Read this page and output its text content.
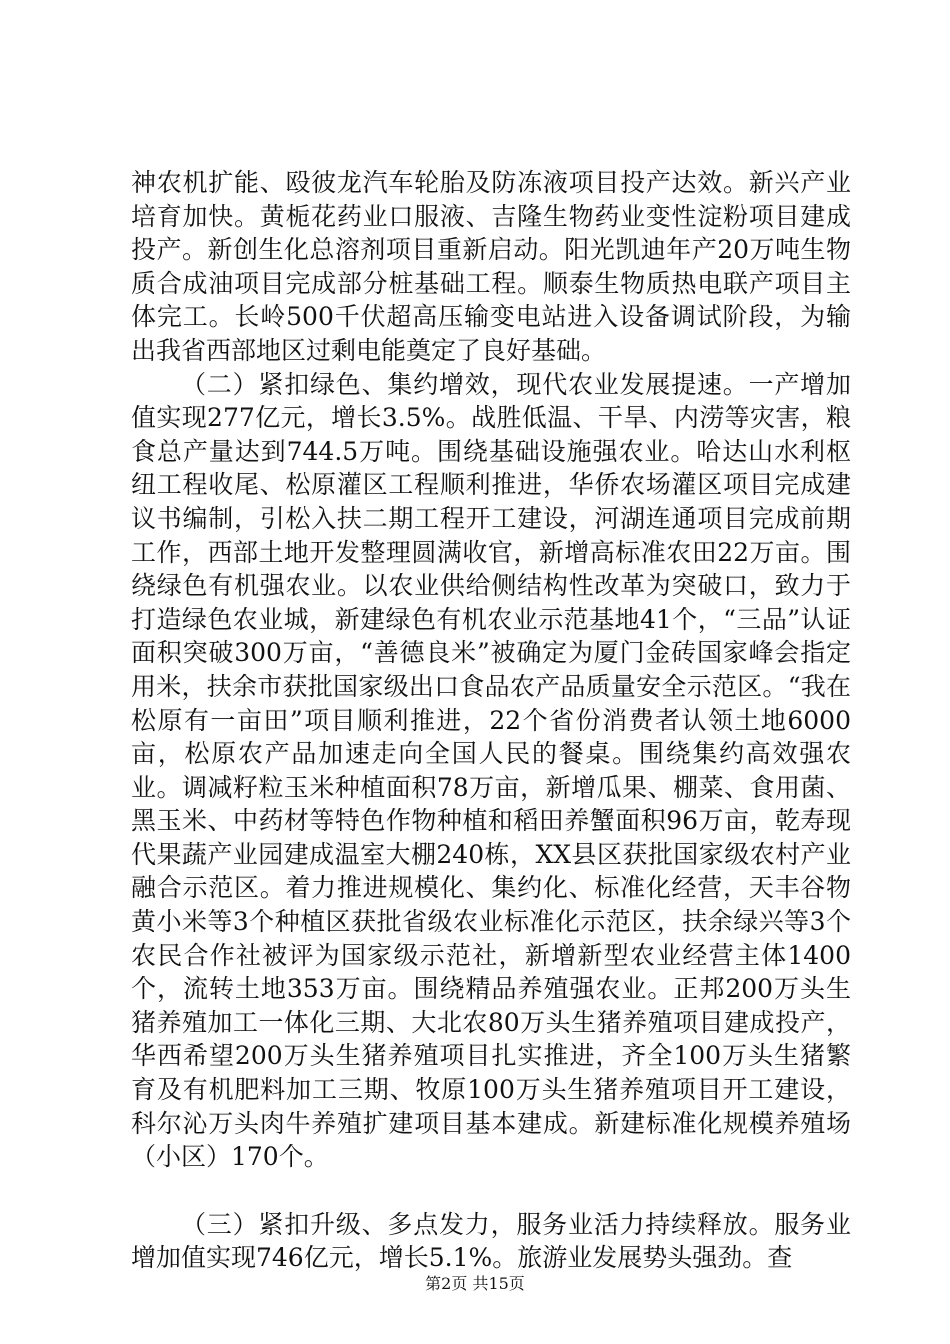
神农机扩能、殴彼龙汽车轮胎及防冻液项目投产达效。新兴产业培育加快。黄栀花药业口服液、吉隆生物药业变性淀粉项目建成投产。新创生化总溶剂项目重新启动。阳光凯迪年产20万吨生物质合成油项目完成部分桩基础工程。顺泰生物质热电联产项目主体完工。长岭500千伏超高压输变电站进入设备调试阶段，为输出我省西部地区过剩电能奠定了良好基础。

（二）紧扣绿色、集约增效，现代农业发展提速。一产增加值实现277亿元，增长3.5%。战胜低温、干旱、内涝等灾害，粮食总产量达到744.5万吨。围绕基础设施强农业。哈达山水利枢纽工程收尾、松原灌区工程顺利推进，华侨农场灌区项目完成建议书编制，引松入扶二期工程开工建设，河湖连通项目完成前期工作，西部土地开发整理圆满收官，新增高标准农田22万亩。围绕绿色有机强农业。以农业供给侧结构性改革为突破口，致力于打造绿色农业城，新建绿色有机农业示范基地41个，“三品”认证面积突破300万亩，“善德良米”被确定为厦门金砖国家峰会指定用米，扶余市获批国家级出口食品农产品质量安全示范区。“我在松原有一亩田”项目顺利推进，22个省份消费者认领土地6000亩，松原农产品加速走向全国人民的餐桌。围绕集约高效强农业。调减籽粒玉米种植面积78万亩，新增瓜果、棚菜、食用菌、黑玉米、中药材等特色作物种植和稻田养蟹面积96万亩，乾寿现代果蔬产业园建成温室大棚240栋，XX县区获批国家级农村产业融合示范区。着力推进规模化、集约化、标准化经营，天丰谷物黄小米等3个种植区获批省级农业标准化示范区，扶余绿兴等3个农民合作社被评为国家级示范社，新增新型农业经营主体1400个，流转土地353万亩。围绕精品养殖强农业。正邦200万头生猪养殖加工一体化三期、大北农80万头生猪养殖项目建成投产，华西希望200万头生猪养殖项目扎实推进，齐全100万头生猪繁育及有机肥料加工三期、牧原100万头生猪养殖项目开工建设，科尔沁万头肉牛养殖扩建项目基本建成。新建标准化规模养殖场（小区）170个。

（三）紧扣升级、多点发力，服务业活力持续释放。服务业增加值实现746亿元，增长5.1%。旅游业发展势头强劲。查

第2页 共15页
